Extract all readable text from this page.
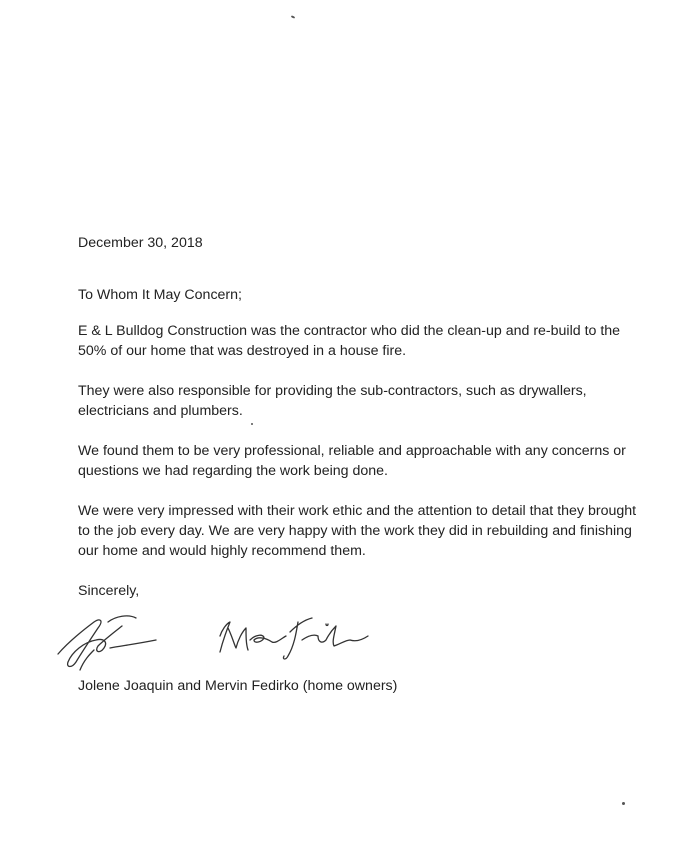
December 30, 2018

To Whom It May Concern;

E & L Bulldog Construction was the contractor who did the clean-up and re-build to the 50% of our home that was destroyed in a house fire.

They were also responsible for providing the sub-contractors, such as drywallers, electricians and plumbers.

We found them to be very professional, reliable and approachable with any concerns or questions we had regarding the work being done.

We were very impressed with their work ethic and the attention to detail that they brought to the job every day. We are very happy with the work they did in rebuilding and finishing our home and would highly recommend them.

Sincerely,

Jolene Joaquin and Mervin Fedirko (home owners)
